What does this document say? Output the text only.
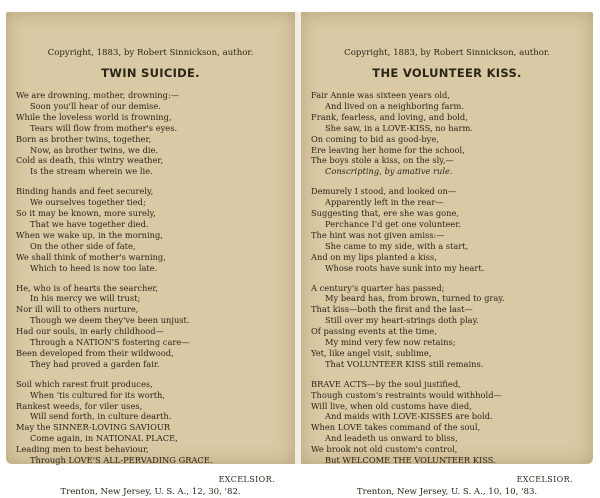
Copyright, 1883, by Robert Sinnickson, author.

TWIN SUICIDE.
We are drowning, mother, drowning:—
Soon you'll hear of our demise.
While the loveless world is frowning,
Tears will flow from mother's eyes.
Born as brother twins, together,
Now, as brother twins, we die.
Cold as death, this wintry weather,
Is the stream wherein we lie.
Binding hands and feet securely,
We ourselves together tied;
So it may be known, more surely,
That we have together died.
When we wake up, in the morning,
On the other side of fate,
We shall think of mother's warning,
Which to heed is now too late.
He, who is of hearts the searcher,
In his mercy we will trust;
Nor ill will to others nurture,
Though we deem they've been unjust.
Had our souls, in early childhood—
Through a NATION'S fostering care—
Been developed from their wildwood,
They had proved a garden fair.
Soil which rarest fruit produces,
When 'tis cultured for its worth,
Rankest weeds, for viler uses,
Will send forth, in culture dearth.
May the SINNER-LOVING SAVIOUR
Come again, in NATIONAL PLACE,
Leading men to best behaviour,
Through LOVE'S ALL-PERVADING GRACE.
EXCELSIOR.
Trenton, New Jersey, U. S. A., 12, 30, '82.

Copyright, 1883, by Robert Sinnickson, author.

THE VOLUNTEER KISS.
Fair Annie was sixteen years old,
And lived on a neighboring farm.
Frank, fearless, and loving, and bold,
She saw, in a LOVE-KISS, no harm.
On coming to bid as good-bye,
Ere leaving her home for the school,
The boys stole a kiss, on the sly,—
Conscripting, by amative rule.
Demurely I stood, and looked on—
Apparently left in the rear—
Suggesting that, ere she was gone,
Perchance I'd get one volunteer.
The hint was not given amiss:—
She came to my side, with a start,
And on my lips planted a kiss,
Whose roots have sunk into my heart.
A century's quarter has passed;
My beard has, from brown, turned to gray.
That kiss—both the first and the last—
Still over my heart-strings doth play.
Of passing events at the time,
My mind very few now retains;
Yet, like angel visit, sublime,
That VOLUNTEER KISS still remains.
BRAVE ACTS—by the soul justified,
Though custom's restraints would withhold—
Will live, when old customs have died,
And maids with LOVE-KISSES are bold.
When LOVE takes command of the soul,
And leadeth us onward to bliss,
We brook not old custom's control,
But WELCOME THE VOLUNTEER KISS.
EXCELSIOR.
Trenton, New Jersey, U. S. A., 10, 10, '83.
